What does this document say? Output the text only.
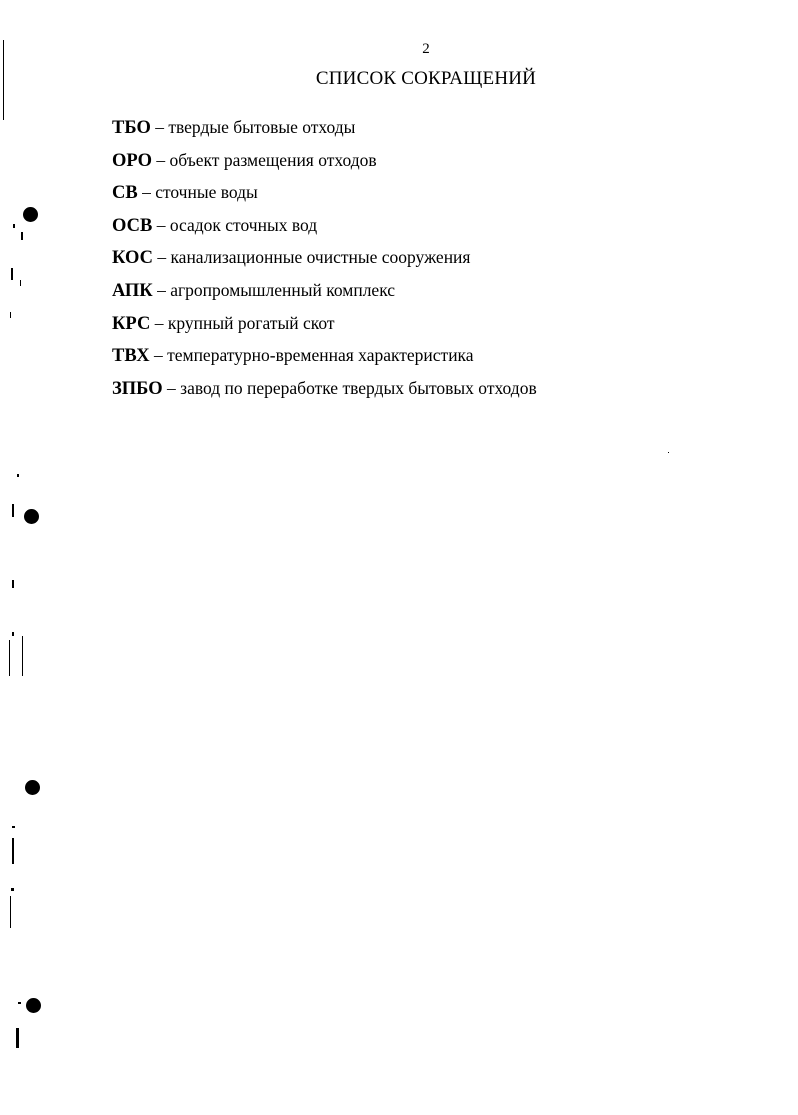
2
СПИСОК СОКРАЩЕНИЙ
ТБО – твердые бытовые отходы
ОРО – объект размещения отходов
СВ – сточные воды
ОСВ – осадок сточных вод
КОС – канализационные очистные сооружения
АПК – агропромышленный комплекс
КРС – крупный рогатый скот
ТВХ – температурно-временная характеристика
ЗПБО – завод по переработке твердых бытовых отходов
